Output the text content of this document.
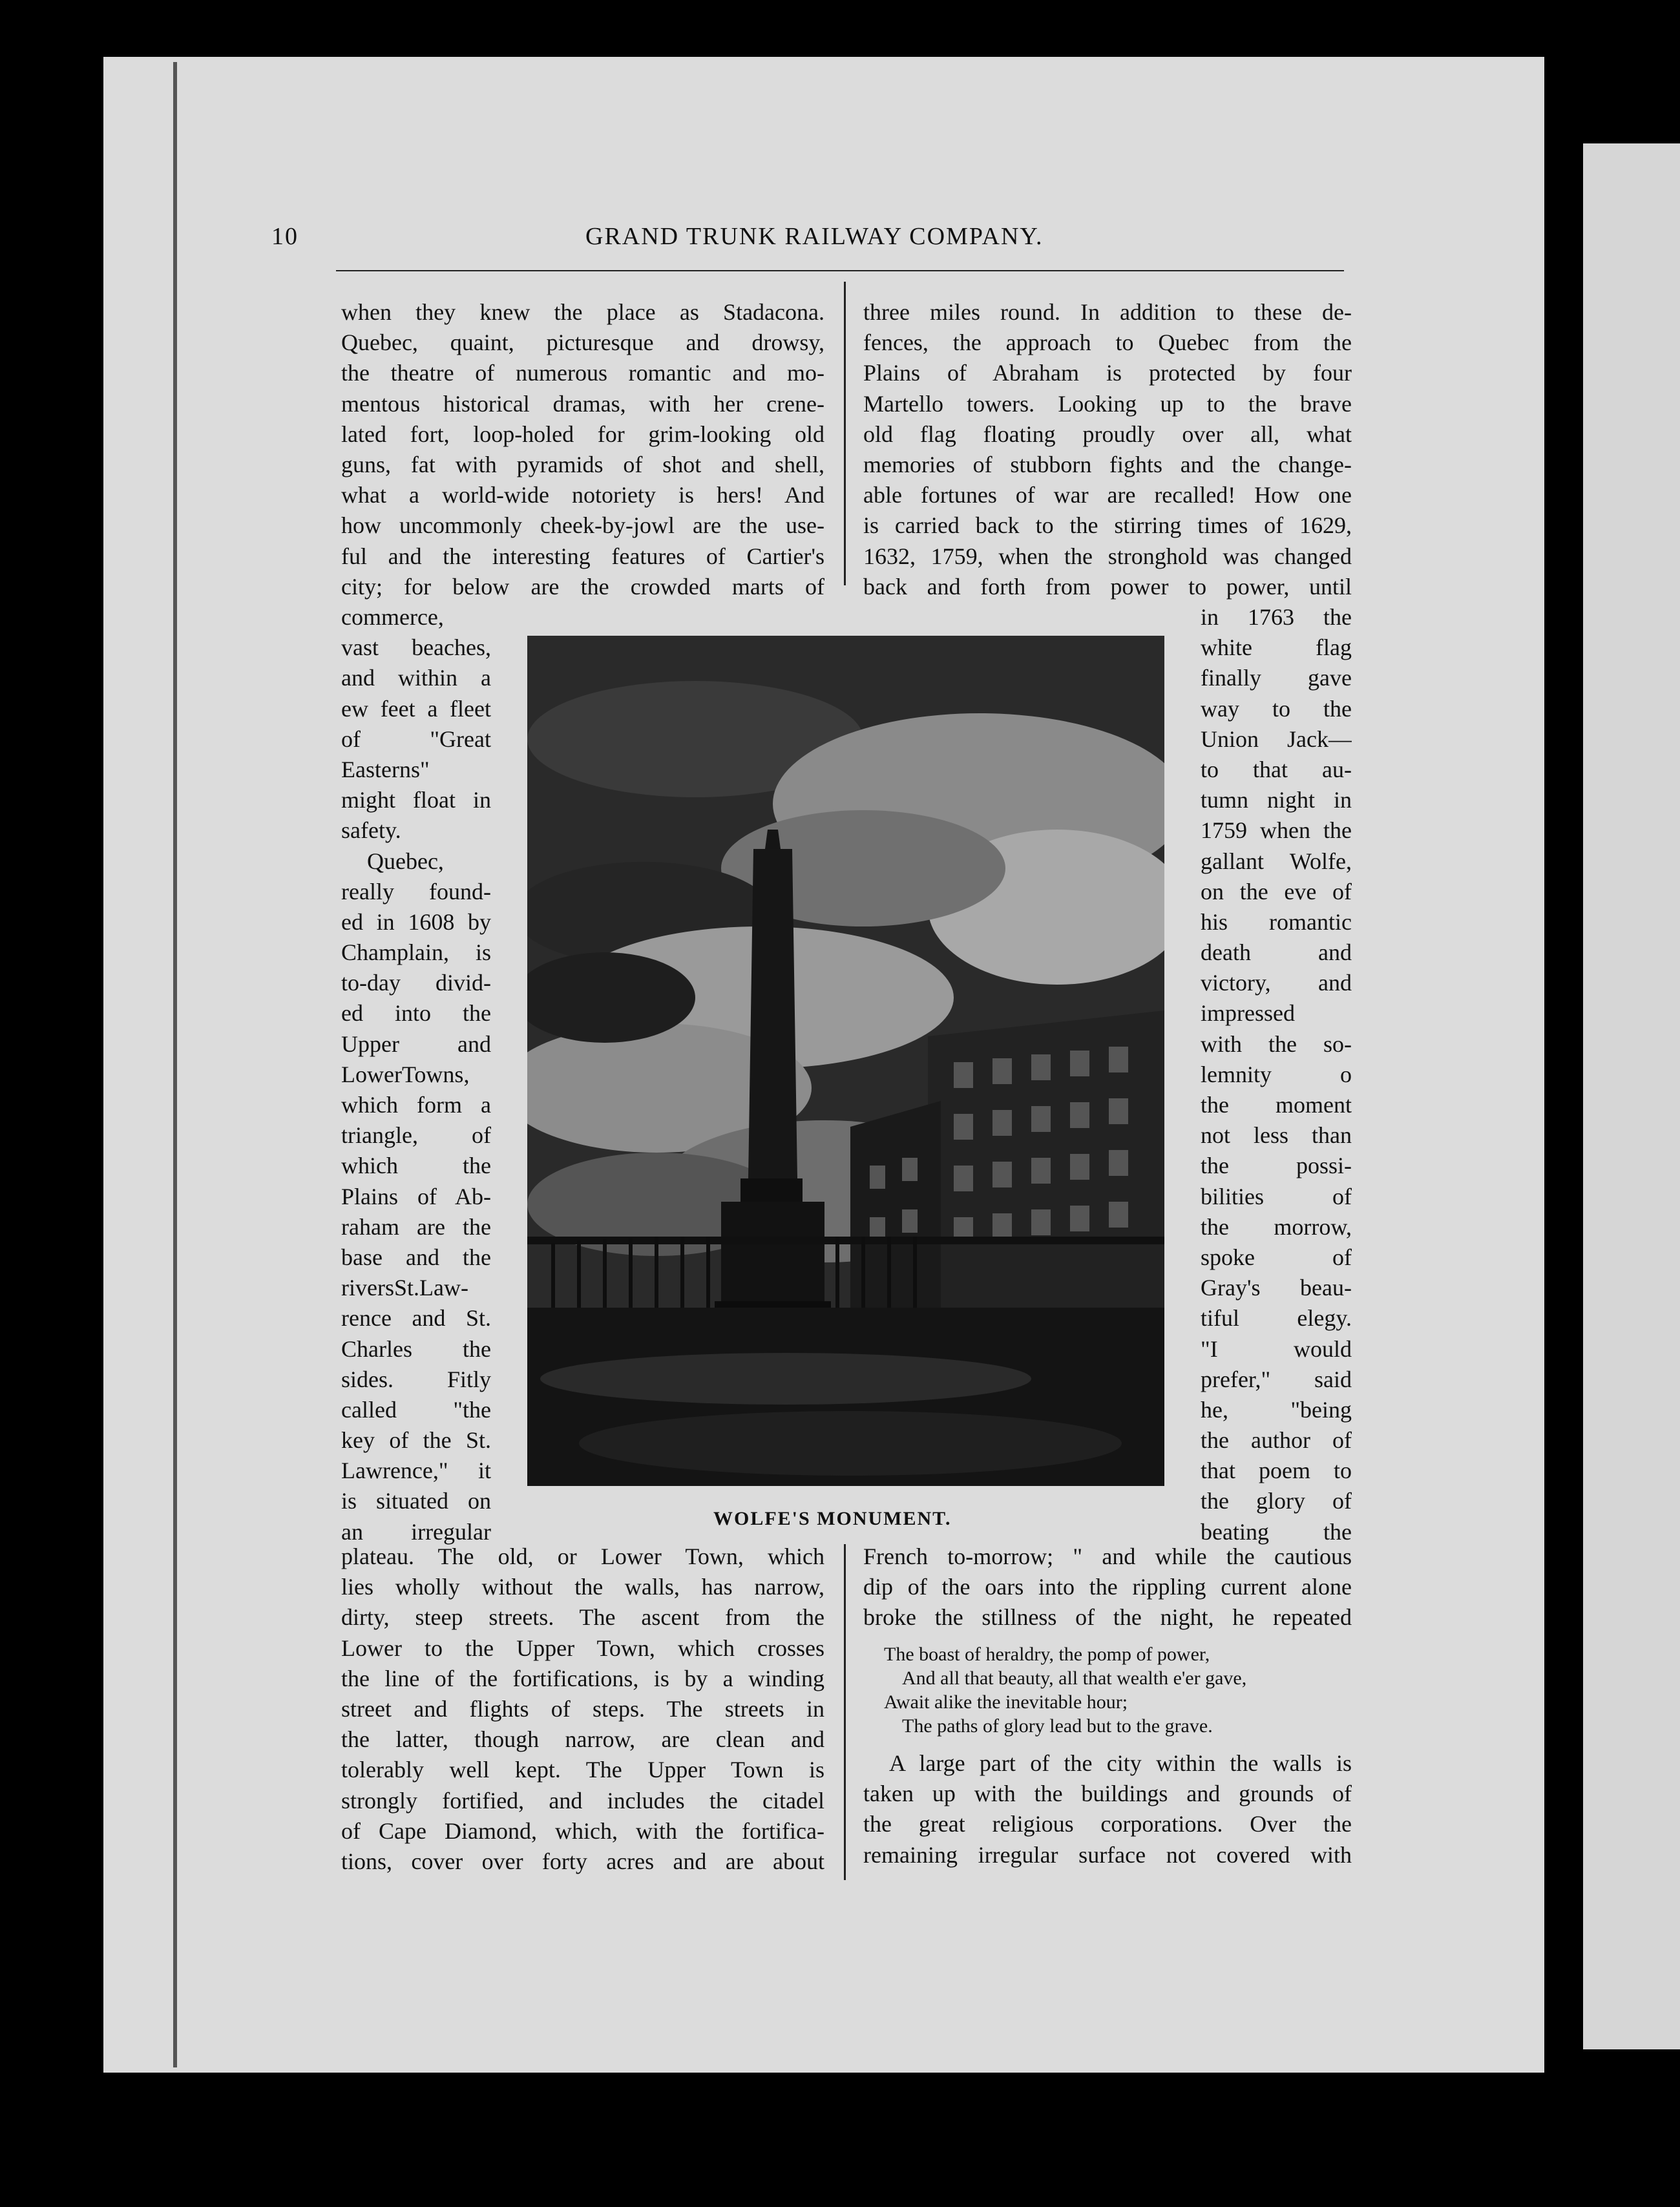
10	GRAND TRUNK RAILWAY COMPANY.
when they knew the place as Stadacona.
Quebec, quaint, picturesque and drowsy,
the theatre of numerous romantic and mo-
mentous historical dramas, with her crene-
lated fort, loop-holed for grim-looking old
guns, fat with pyramids of shot and shell,
what a world-wide notoriety is hers! And
how uncommonly cheek-by-jowl are the use-
ful and the interesting features of Cartier's
city; for below are the crowded marts of
three miles round. In addition to these de-
fences, the approach to Quebec from the
Plains of Abraham is protected by four
Martello towers. Looking up to the brave
old flag floating proudly over all, what
memories of stubborn fights and the change-
able fortunes of war are recalled! How one
is carried back to the stirring times of 1629,
1632, 1759, when the stronghold was changed
back and forth from power to power, until
commerce,
vast beaches,
and within a
ew feet a fleet
of "Great
Easterns"
might float in
safety.
Quebec,
really found-
ed in 1608 by
Champlain, is
to-day divid-
ed into the
Upper and
LowerTowns,
which form a
triangle, of
which the
Plains of Ab-
raham are the
base and the
riversSt.Law-
rence and St.
Charles the
sides. Fitly
called "the
key of the St.
Lawrence," it
is situated on
an irregular
in 1763 the
white flag
finally gave
way to the
Union Jack—
to that au-
tumn night in
1759 when the
gallant Wolfe,
on the eve of
his romantic
death and
victory, and
impressed
with the so-
lemnity o
the moment
not less than
the possi-
bilities of
the morrow,
spoke of
Gray's beau-
tiful elegy.
"I would
prefer," said
he, "being
the author of
that poem to
the glory of
beating the
WOLFE'S MONUMENT.
plateau. The old, or Lower Town, which
lies wholly without the walls, has narrow,
dirty, steep streets. The ascent from the
Lower to the Upper Town, which crosses
the line of the fortifications, is by a winding
street and flights of steps. The streets in
the latter, though narrow, are clean and
tolerably well kept. The Upper Town is
strongly fortified, and includes the citadel
of Cape Diamond, which, with the fortifica-
tions, cover over forty acres and are about
French to-morrow; " and while the cautious
dip of the oars into the rippling current alone
broke the stillness of the night, he repeated
The boast of heraldry, the pomp of power,
And all that beauty, all that wealth e'er gave,
Await alike the inevitable hour;
The paths of glory lead but to the grave.
A large part of the city within the walls is
taken up with the buildings and grounds of
the great religious corporations. Over the
remaining irregular surface not covered with
